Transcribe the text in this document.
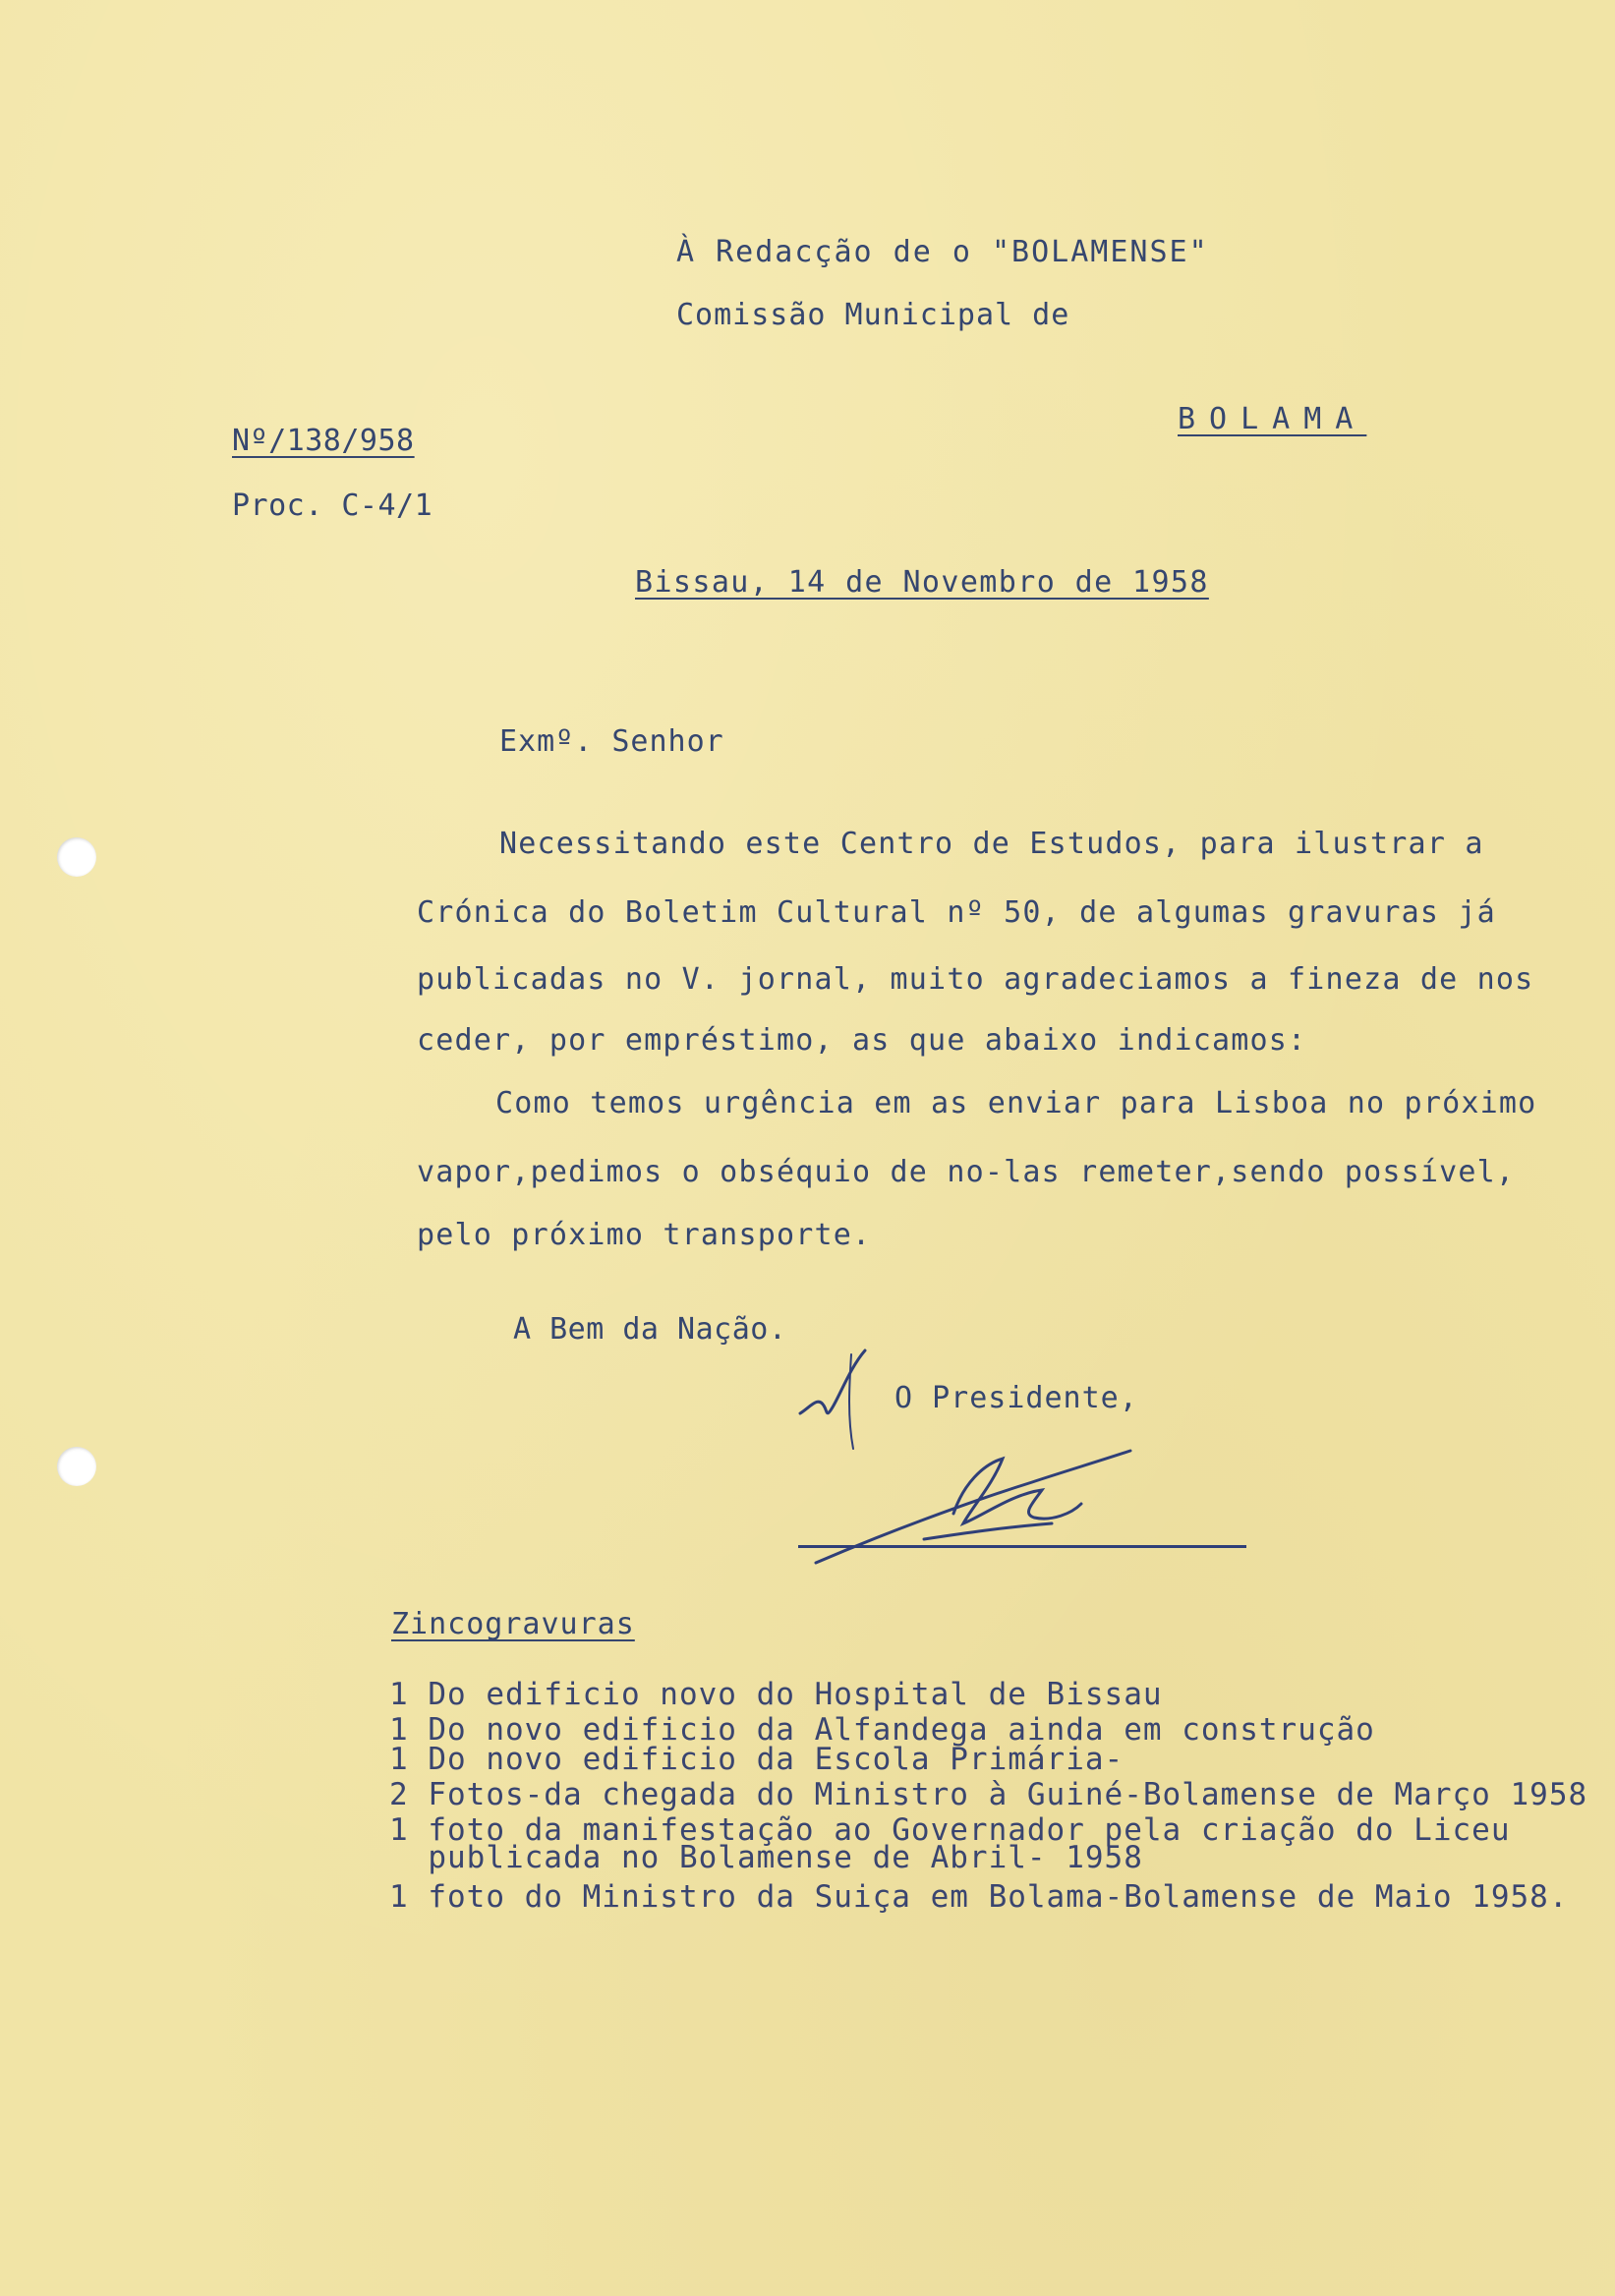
À Redacção de o "BOLAMENSE"
Comissão Municipal de
BOLAMA
Nº/138/958
Proc. C-4/1
Bissau, 14 de Novembro de 1958
Exmº. Senhor
Necessitando este Centro de Estudos, para ilustrar a
Crónica do Boletim Cultural nº 50, de algumas gravuras já
publicadas no V. jornal, muito agradeciamos a fineza de nos
ceder, por empréstimo, as que abaixo indicamos:
Como temos urgência em as enviar para Lisboa no próximo
vapor,pedimos o obséquio de no-las remeter,sendo possível,
pelo próximo transporte.
A Bem da Nação.
O Presidente,
Zincogravuras
1 Do edificio novo do Hospital de Bissau
1 Do novo edificio da Alfandega ainda em construção
1 Do novo edificio da Escola Primária-
2 Fotos-da chegada do Ministro à Guiné-Bolamense de Março 1958
1 foto da manifestação ao Governador pela criação do Liceu
publicada no Bolamense de Abril- 1958
1 foto do Ministro da Suiça em Bolama-Bolamense de Maio 1958.
